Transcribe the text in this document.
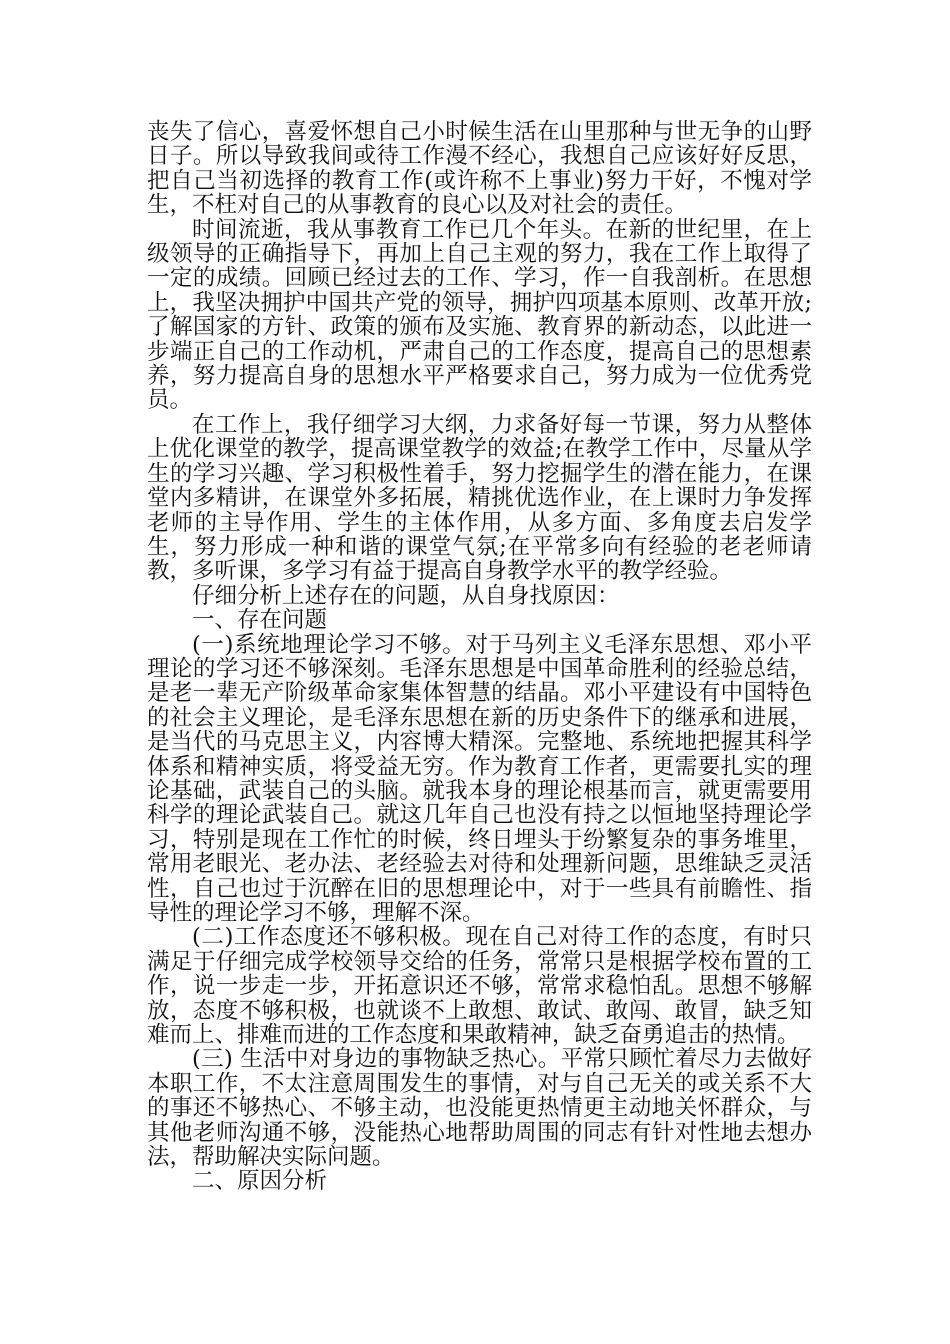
丧失了信心，喜爱怀想自己小时候生活在山里那种与世无争的山野日子。所以导致我间或待工作漫不经心，我想自己应该好好反思，把自己当初选择的教育工作(或许称不上事业)努力干好，不愧对学生，不枉对自己的从事教育的良心以及对社会的责任。

时间流逝，我从事教育工作已几个年头。在新的世纪里，在上级领导的正确指导下，再加上自己主观的努力，我在工作上取得了一定的成绩。回顾已经过去的工作、学习，作一自我剖析。在思想上，我坚决拥护中国共产党的领导，拥护四项基本原则、改革开放;了解国家的方针、政策的颁布及实施、教育界的新动态，以此进一步端正自己的工作动机，严肃自己的工作态度，提高自己的思想素养，努力提高自身的思想水平严格要求自己，努力成为一位优秀党员。

在工作上，我仔细学习大纲，力求备好每一节课，努力从整体上优化课堂的教学，提高课堂教学的效益;在教学工作中，尽量从学生的学习兴趣、学习积极性着手，努力挖掘学生的潜在能力，在课堂内多精讲，在课堂外多拓展，精挑优选作业，在上课时力争发挥老师的主导作用、学生的主体作用，从多方面、多角度去启发学生，努力形成一种和谐的课堂气氛;在平常多向有经验的老老师请教，多听课，多学习有益于提高自身教学水平的教学经验。

仔细分析上述存在的问题，从自身找原因：

一、存在问题

(一)系统地理论学习不够。对于马列主义毛泽东思想、邓小平理论的学习还不够深刻。毛泽东思想是中国革命胜利的经验总结，是老一辈无产阶级革命家集体智慧的结晶。邓小平建设有中国特色的社会主义理论，是毛泽东思想在新的历史条件下的继承和进展，是当代的马克思主义，内容博大精深。完整地、系统地把握其科学体系和精神实质，将受益无穷。作为教育工作者，更需要扎实的理论基础，武装自己的头脑。就我本身的理论根基而言，就更需要用科学的理论武装自己。就这几年自己也没有持之以恒地坚持理论学习，特别是现在工作忙的时候，终日埋头于纷繁复杂的事务堆里，常用老眼光、老办法、老经验去对待和处理新问题，思维缺乏灵活性，自己也过于沉醉在旧的思想理论中，对于一些具有前瞻性、指导性的理论学习不够，理解不深。

(二)工作态度还不够积极。现在自己对待工作的态度，有时只满足于仔细完成学校领导交给的任务，常常只是根据学校布置的工作，说一步走一步，开拓意识还不够，常常求稳怕乱。思想不够解放，态度不够积极，也就谈不上敢想、敢试、敢闯、敢冒，缺乏知难而上、排难而进的工作态度和果敢精神，缺乏奋勇追击的热情。

(三) 生活中对身边的事物缺乏热心。平常只顾忙着尽力去做好本职工作，不太注意周围发生的事情，对与自己无关的或关系不大的事还不够热心、不够主动，也没能更热情更主动地关怀群众，与其他老师沟通不够，没能热心地帮助周围的同志有针对性地去想办法，帮助解决实际问题。

二、原因分析
